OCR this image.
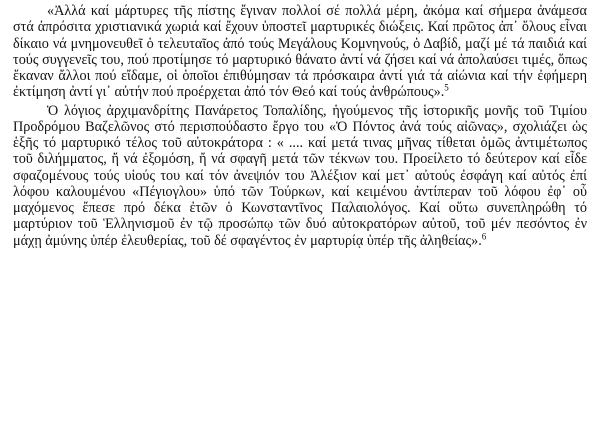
«Ἀλλά καί μάρτυρες τῆς πίστης ἔγιναν πολλοί σέ πολλά μέρη, ἀκόμα καί σήμερα ἀνάμεσα στά ἀπρόσιτα χριστιανικά χωριά καί ἔχουν ὑποστεῖ μαρτυρικές διώξεις. Καί πρῶτος ἀπ᾽ ὅλους εἶναι δίκαιο νά μνημονευθεῖ ὁ τελευταῖος ἀπό τούς Μεγάλους Κομνηνούς, ὁ Δαβίδ, μαζί μέ τά παιδιά καί τούς συγγενεῖς του, πού προτίμησε τό μαρτυρικό θάνατο ἀντί νά ζήσει καί νά ἀπολαύσει τιμές, ὅπως ἔκαναν ἄλλοι πού εἴδαμε, οἱ ὁποῖοι ἐπιθύμησαν τά πρόσκαιρα ἀντί γιά τά αἰώνια καί τήν ἐφήμερη ἐκτίμηση ἀντί γι᾽ αὐτήν πού προέρχεται ἀπό τόν Θεό καί τούς ἀνθρώπους».$^5$

Ὁ λόγιος ἀρχιμανδρίτης Πανάρετος Τοπαλίδης, ἡγούμενος τῆς ἱστορικῆς μονῆς τοῦ Τιμίου Προδρόμου Βαζελῶνος στό περισπούδαστο ἔργο του «Ὁ Πόντος ἀνά τούς αἰῶνας», σχολιάζει ὡς ἑξῆς τό μαρτυρικό τέλος τοῦ αὐτοκράτορα : « .... καί μετά τινας μῆνας τίθεται ὁμῶς ἀντιμέτωπος τοῦ διλήμματος, ἤ νά ἐξομόση, ἤ νά σφαγῆ μετά τῶν τέκνων του. Προείλετο τό δεύτερον καί εἶδε σφαζομένους τούς υἱούς του καί τόν ἀνεψιόν του Ἀλέξιον καί μετ᾽ αὐτούς ἐσφάγη καί αὐτός ἐπί λόφου καλουμένου «Πέγιογλου» ὑπό τῶν Τούρκων, καί κειμένου ἀντίπεραν τοῦ λόφου ἐφ᾽ οὗ μαχόμενος ἔπεσε πρό δέκα ἐτῶν ὁ Κωνσταντῖνος Παλαιολόγος. Καί οὕτω συνεπληρώθη τό μαρτύριον τοῦ Ἑλληνισμοῦ ἐν τῷ προσώπῳ τῶν δυό αὐτοκρατόρων αὐτοῦ, τοῦ μέν πεσόντος ἐν μάχῃ ἀμύνης ὑπέρ ἐλευθερίας, τοῦ δέ σφαγέντος ἐν μαρτυρίᾳ ὑπέρ τῆς ἀληθείας».$^6$
